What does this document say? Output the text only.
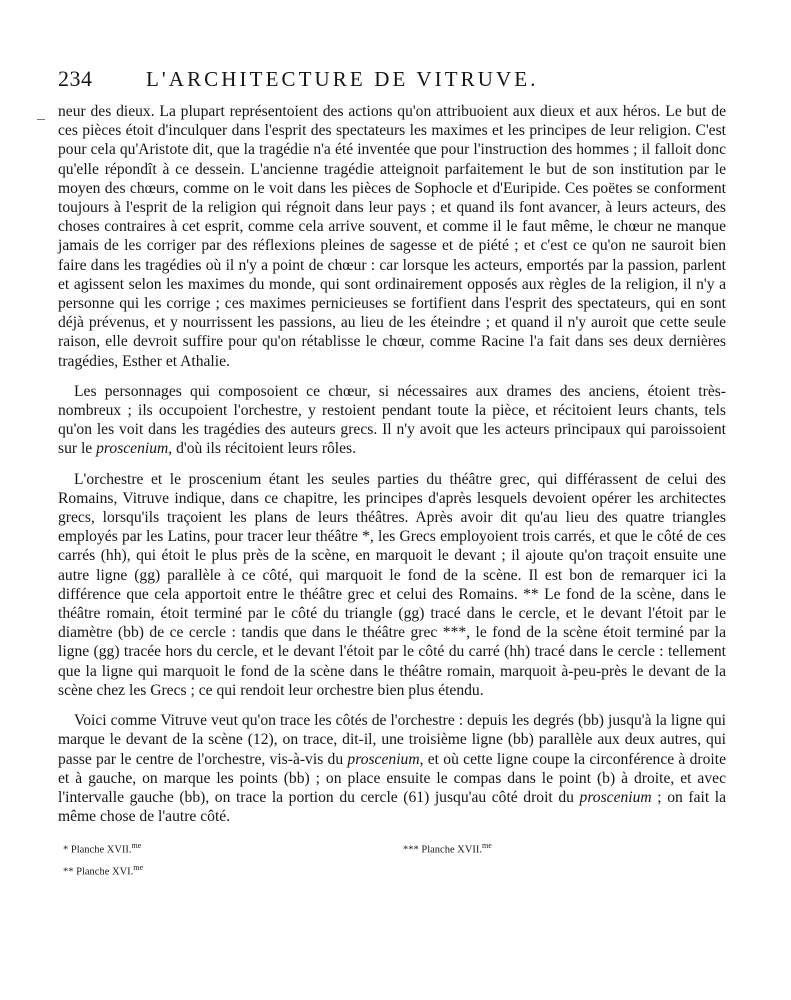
234	L'ARCHITECTURE DE VITRUVE.

neur des dieux. La plupart représentoient des actions qu'on attribuoient aux dieux et aux héros. Le but de ces pièces étoit d'inculquer dans l'esprit des spectateurs les maximes et les principes de leur religion. C'est pour cela qu'Aristote dit, que la tragédie n'a été inventée que pour l'instruction des hommes ; il falloit donc qu'elle répondît à ce dessein. L'ancienne tragédie atteignoit parfaitement le but de son institution par le moyen des chœurs, comme on le voit dans les pièces de Sophocle et d'Euripide. Ces poëtes se conforment toujours à l'esprit de la religion qui régnoit dans leur pays ; et quand ils font avancer, à leurs acteurs, des choses contraires à cet esprit, comme cela arrive souvent, et comme il le faut même, le chœur ne manque jamais de les corriger par des réflexions pleines de sagesse et de piété ; et c'est ce qu'on ne sauroit bien faire dans les tragédies où il n'y a point de chœur : car lorsque les acteurs, emportés par la passion, parlent et agissent selon les maximes du monde, qui sont ordinairement opposés aux règles de la religion, il n'y a personne qui les corrige ; ces maximes pernicieuses se fortifient dans l'esprit des spectateurs, qui en sont déjà prévenus, et y nourrissent les passions, au lieu de les éteindre ; et quand il n'y auroit que cette seule raison, elle devroit suffire pour qu'on rétablisse le chœur, comme Racine l'a fait dans ses deux dernières tragédies, Esther et Athalie.

Les personnages qui composoient ce chœur, si nécessaires aux drames des anciens, étoient très-nombreux ; ils occupoient l'orchestre, y restoient pendant toute la pièce, et récitoient leurs chants, tels qu'on les voit dans les tragédies des auteurs grecs. Il n'y avoit que les acteurs principaux qui paroissoient sur le proscenium, d'où ils récitoient leurs rôles.

L'orchestre et le proscenium étant les seules parties du théâtre grec, qui différassent de celui des Romains, Vitruve indique, dans ce chapitre, les principes d'après lesquels devoient opérer les architectes grecs, lorsqu'ils traçoient les plans de leurs théâtres. Après avoir dit qu'au lieu des quatre triangles employés par les Latins, pour tracer leur théâtre *, les Grecs employoient trois carrés, et que le côté de ces carrés (hh), qui étoit le plus près de la scène, en marquoit le devant ; il ajoute qu'on traçoit ensuite une autre ligne (gg) parallèle à ce côté, qui marquoit le fond de la scène. Il est bon de remarquer ici la différence que cela apportoit entre le théâtre grec et celui des Romains. ** Le fond de la scène, dans le théâtre romain, étoit terminé par le côté du triangle (gg) tracé dans le cercle, et le devant l'étoit par le diamètre (bb) de ce cercle : tandis que dans le théâtre grec ***, le fond de la scène étoit terminé par la ligne (gg) tracée hors du cercle, et le devant l'étoit par le côté du carré (hh) tracé dans le cercle : tellement que la ligne qui marquoit le fond de la scène dans le théâtre romain, marquoit à-peu-près le devant de la scène chez les Grecs ; ce qui rendoit leur orchestre bien plus étendu.

Voici comme Vitruve veut qu'on trace les côtés de l'orchestre : depuis les degrés (bb) jusqu'à la ligne qui marque le devant de la scène (12), on trace, dit-il, une troisième ligne (bb) parallèle aux deux autres, qui passe par le centre de l'orchestre, vis-à-vis du proscenium, et où cette ligne coupe la circonférence à droite et à gauche, on marque les points (bb) ; on place ensuite le compas dans le point (b) à droite, et avec l'intervalle gauche (bb), on trace la portion du cercle (61) jusqu'au côté droit du proscenium ; on fait la même chose de l'autre côté.

* Planche XVII.$^{me}$
** Planche XVI.$^{me}$
*** Planche XVII.$^{me}$
